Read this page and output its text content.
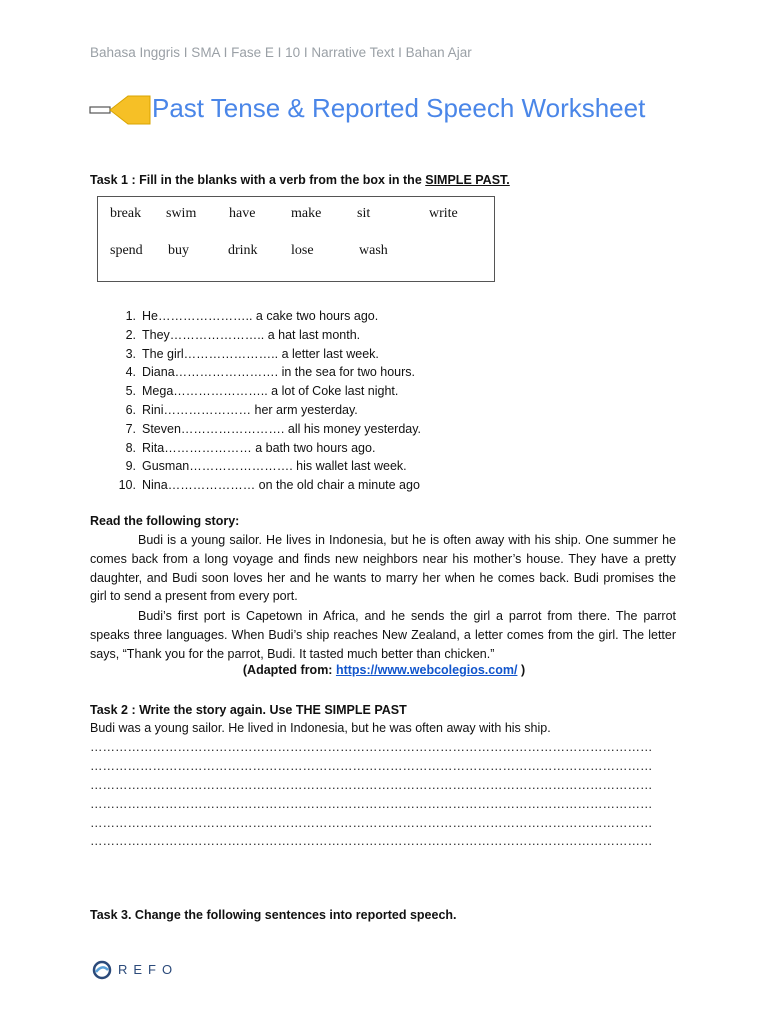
Bahasa Inggris I SMA I Fase E I 10 I Narrative Text I Bahan Ajar
Past Tense & Reported Speech Worksheet
Task 1 : Fill in the blanks with a verb from the box in the SIMPLE PAST.
break swim have	make	sit	write
spend buy	drink lose	wash
1. He………………….. a cake two hours ago.
2. They………………….. a hat last month.
3. The girl………………….. a letter last week.
4. Diana……………………. in the sea for two hours.
5. Mega………………….. a lot of Coke last night.
6. Rini………………… her arm yesterday.
7. Steven……………………. all his money yesterday.
8. Rita………………… a bath two hours ago.
9. Gusman……………………. his wallet last week.
10. Nina………………… on the old chair a minute ago
Read the following story:

Budi is a young sailor. He lives in Indonesia, but he is often away with his ship. One summer he comes back from a long voyage and finds new neighbors near his mother’s house. They have a pretty daughter, and Budi soon loves her and he wants to marry her when he comes back. Budi promises the girl to send a present from every port.

Budi’s first port is Capetown in Africa, and he sends the girl a parrot from there. The parrot speaks three languages. When Budi’s ship reaches New Zealand, a letter comes from the girl. The letter says, “Thank you for the parrot, Budi. It tasted much better than chicken.”

(Adapted from: https://www.webcolegios.com/ )
Task 2 : Write the story again. Use THE SIMPLE PAST
Budi was a young sailor. He lived in Indonesia, but he was often away with his ship.
………………………………………………………………………………………………………………………
………………………………………………………………………………………………………………………
………………………………………………………………………………………………………………………
………………………………………………………………………………………………………………………
………………………………………………………………………………………………………………………
………………………………………………………………………………………………………………………
Task 3. Change the following sentences into reported speech.
REFO
